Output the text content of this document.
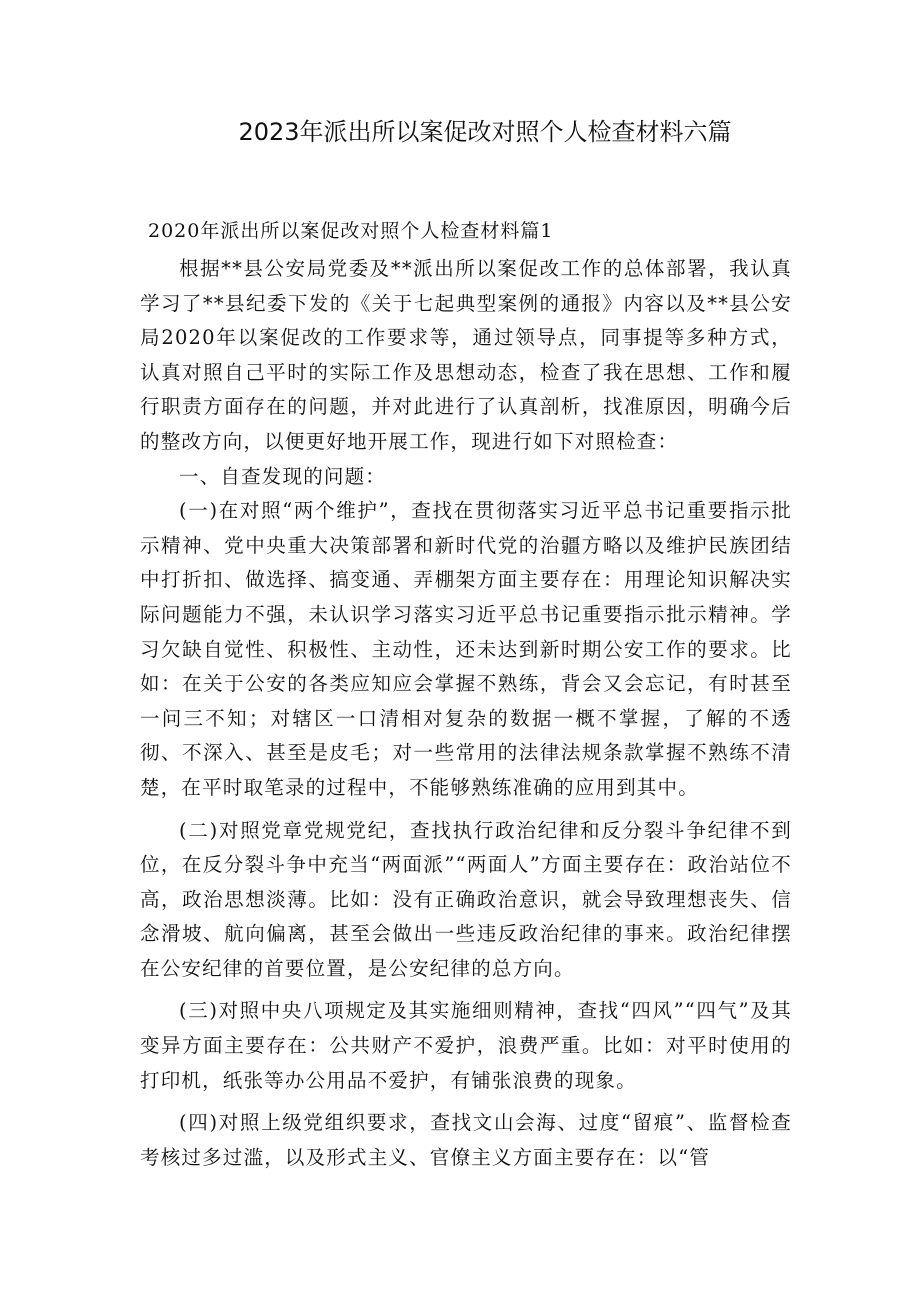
2023年派出所以案促改对照个人检查材料六篇
2020年派出所以案促改对照个人检查材料篇1

根据**县公安局党委及**派出所以案促改工作的总体部署，我认真学习了**县纪委下发的《关于七起典型案例的通报》内容以及**县公安局2020年以案促改的工作要求等，通过领导点，同事提等多种方式，认真对照自己平时的实际工作及思想动态，检查了我在思想、工作和履行职责方面存在的问题，并对此进行了认真剖析，找准原因，明确今后的整改方向，以便更好地开展工作，现进行如下对照检查：

一、自查发现的问题：

(一)在对照“两个维护”，查找在贯彻落实习近平总书记重要指示批示精神、党中央重大决策部署和新时代党的治疆方略以及维护民族团结中打折扣、做选择、搞变通、弄棚架方面主要存在：用理论知识解决实际问题能力不强，未认识学习落实习近平总书记重要指示批示精神。学习欠缺自觉性、积极性、主动性，还未达到新时期公安工作的要求。比如：在关于公安的各类应知应会掌握不熟练，背会又会忘记，有时甚至一问三不知；对辖区一口清相对复杂的数据一概不掌握，了解的不透彻、不深入、甚至是皮毛；对一些常用的法律法规条款掌握不熟练不清楚，在平时取笔录的过程中，不能够熟练准确的应用到其中。

(二)对照党章党规党纪，查找执行政治纪律和反分裂斗争纪律不到位，在反分裂斗争中充当“两面派”“两面人”方面主要存在：政治站位不高，政治思想淡薄。比如：没有正确政治意识，就会导致理想丧失、信念滑坡、航向偏离，甚至会做出一些违反政治纪律的事来。政治纪律摆在公安纪律的首要位置，是公安纪律的总方向。

(三)对照中央八项规定及其实施细则精神，查找“四风”“四气”及其变异方面主要存在：公共财产不爱护，浪费严重。比如：对平时使用的打印机，纸张等办公用品不爱护，有铺张浪费的现象。

(四)对照上级党组织要求，查找文山会海、过度“留痕”、监督检查考核过多过滥，以及形式主义、官僚主义方面主要存在：以“管
